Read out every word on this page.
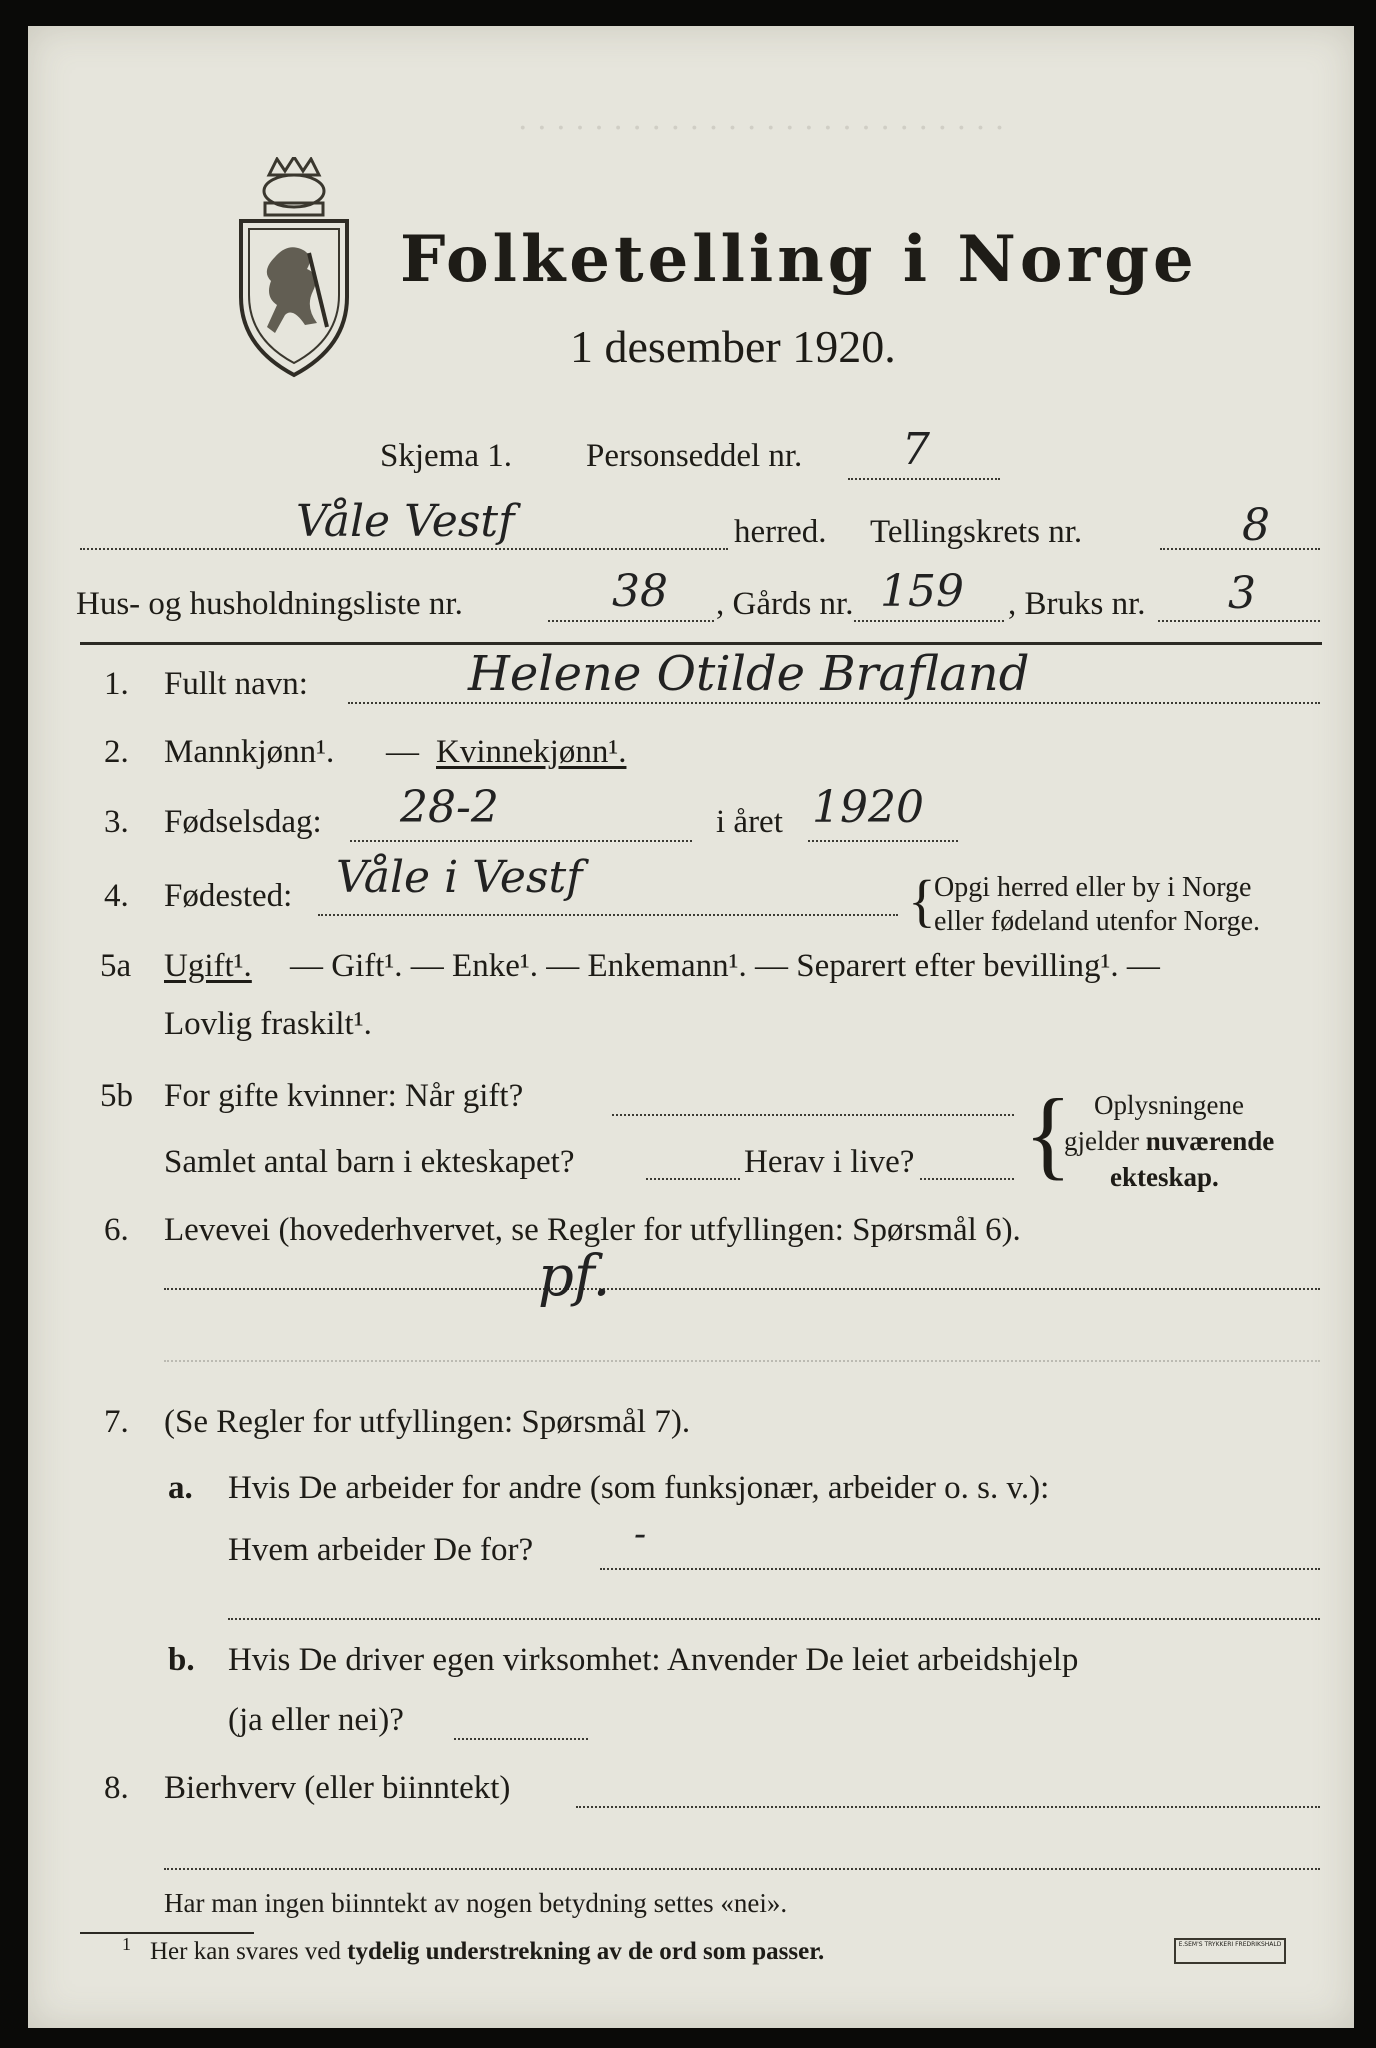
· · · · · · · · · · · · · · · · · · · · · · · · · ·
Folketelling i Norge
1 desember 1920.
Skjema 1. Personseddel nr. 7
Våle Vestf	herred. Tellingskrets nr.	8
Hus- og husholdningsliste nr.	38 , Gårds nr. 159 , Bruks nr. 3
1. Fullt navn:	Helene Otilde Brafland
2. Mannkjønn¹. — Kvinnekjønn¹.
3. Fødselsdag: 28-2	i året 1920
4. Fødested: Våle i Vestf	{
Opgi herred eller by i Norge
eller fødeland utenfor Norge.
5a Ugift¹. — Gift¹. — Enke¹. — Enkemann¹. — Separert efter bevilling¹. —
Lovlig fraskilt¹.
5b For gifte kvinner: Når gift?
Samlet antal barn i ekteskapet?	Herav i live? { Oplysningene
gjelder nuværende
ekteskap.
6. Levevei (hovederhvervet, se Regler for utfyllingen: Spørsmål 6).
pf.
7. (Se Regler for utfyllingen: Spørsmål 7).
a. Hvis De arbeider for andre (som funksjonær, arbeider o. s. v.):
Hvem arbeider De for?	-
b. Hvis De driver egen virksomhet: Anvender De leiet arbeidshjelp
(ja eller nei)?
8. Bierhverv (eller biinntekt)
Har man ingen biinntekt av nogen betydning settes «nei».
1 Her kan svares ved tydelig understrekning av de ord som passer.	E.SEM'S TRYKKERI FREDRIKSHALD
